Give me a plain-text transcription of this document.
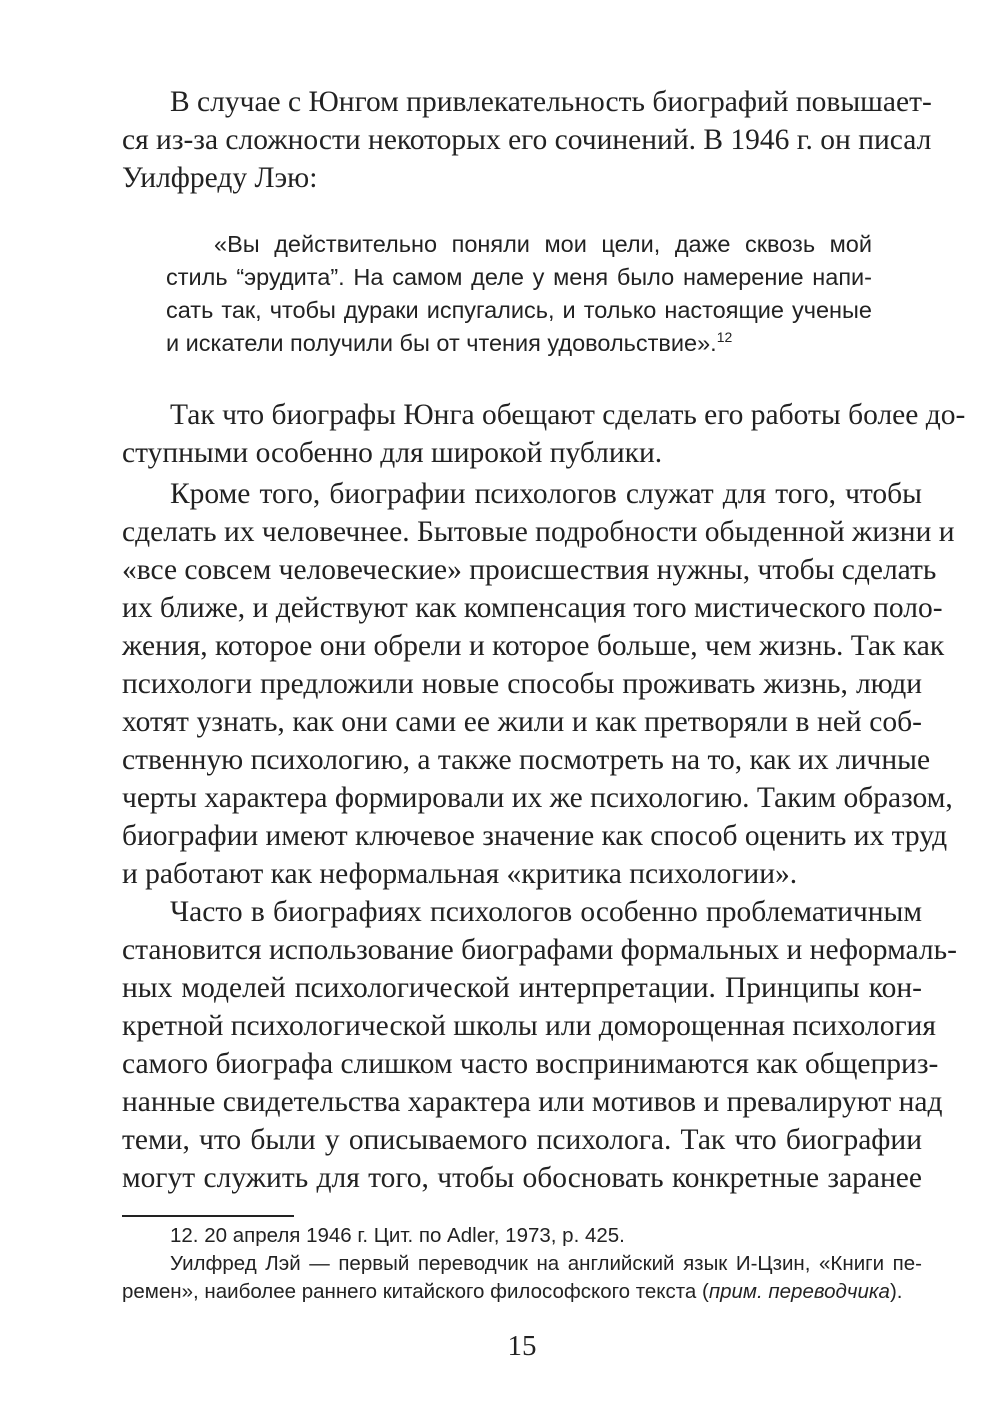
В случае с Юнгом привлекательность биографий повышает-

ся из-за сложности некоторых его сочинений. В 1946 г. он писал

Уилфреду Лэю:

«Вы действительно поняли мои цели, даже сквозь мой

стиль “эрудита”. На самом деле у меня было намерение напи-

сать так, чтобы дураки испугались, и только настоящие ученые

и искатели получили бы от чтения удовольствие».$^{12}$

Так что биографы Юнга обещают сделать его работы более до-

ступными особенно для широкой публики.

Кроме того, биографии психологов служат для того, чтобы

сделать их человечнее. Бытовые подробности обыденной жизни и

«все совсем человеческие» происшествия нужны, чтобы сделать

их ближе, и действуют как компенсация того мистического поло-

жения, которое они обрели и которое больше, чем жизнь. Так как

психологи предложили новые способы проживать жизнь, люди

хотят узнать, как они сами ее жили и как претворяли в ней соб-

ственную психологию, а также посмотреть на то, как их личные

черты характера формировали их же психологию. Таким образом,

биографии имеют ключевое значение как способ оценить их труд

и работают как неформальная «критика психологии».

Часто в биографиях психологов особенно проблематичным

становится использование биографами формальных и неформаль-

ных моделей психологической интерпретации. Принципы кон-

кретной психологической школы или доморощенная психология

самого биографа слишком часто воспринимаются как общеприз-

нанные свидетельства характера или мотивов и превалируют над

теми, что были у описываемого психолога. Так что биографии

могут служить для того, чтобы обосновать конкретные заранее

12. 20 апреля 1946 г. Цит. по Adler, 1973, p. 425.

Уилфред Лэй — первый переводчик на английский язык И-Цзин, «Книги пе-

ремен», наиболее раннего китайского философского текста (прим. переводчика).

15
